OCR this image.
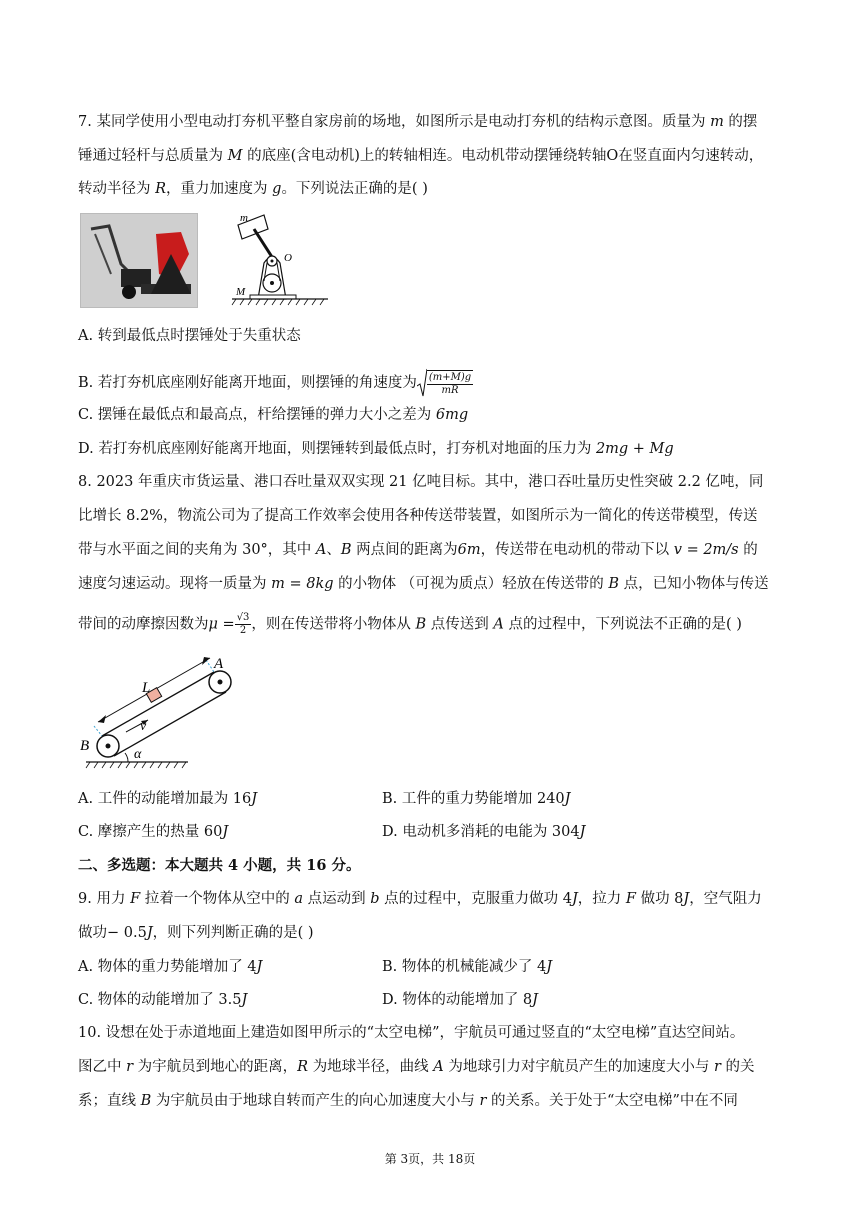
7. 某同学使用小型电动打夯机平整自家房前的场地，如图所示是电动打夯机的结构示意图。质量为 m 的摆
锤通过轻杆与总质量为 M 的底座(含电动机)上的转轴相连。电动机带动摆锤绕转轴O在竖直面内匀速转动，
转动半径为 R，重力加速度为 g。下列说法正确的是( )
m
O
M
A. 转到最低点时摆锤处于失重状态
B. 若打夯机底座刚好能离开地面，则摆锤的角速度为 $\frac{(m+M)g}{mR}$
C. 摆锤在最低点和最高点，杆给摆锤的弹力大小之差为 6mg
D. 若打夯机底座刚好能离开地面，则摆锤转到最低点时，打夯机对地面的压力为 2mg + Mg
8. 2023 年重庆市货运量、港口吞吐量双双实现 21 亿吨目标。其中，港口吞吐量历史性突破 2.2 亿吨，同
比增长 8.2%，物流公司为了提高工作效率会使用各种传送带装置，如图所示为一简化的传送带模型，传送
带与水平面之间的夹角为 30°，其中 A、B 两点间的距离为6m，传送带在电动机的带动下以 v = 2m/s 的
速度匀速运动。现将一质量为 m = 8kg 的小物体 （可视为质点）轻放在传送带的 B 点，已知小物体与传送
带间的动摩擦因数为$\mu = \frac{√3}{2}$ ，则在传送带将小物体从 B 点传送到 A 点的过程中，下列说法不正确的是( )
A
B
L
v
α
A. 工件的动能增加最为 16J	B. 工件的重力势能增加 240J
C. 摩擦产生的热量 60J	D. 电动机多消耗的电能为 304J
二、多选题：本大题共 4 小题，共 16 分。
9. 用力 F 拉着一个物体从空中的 a 点运动到 b 点的过程中，克服重力做功 4J，拉力 F 做功 8J，空气阻力
做功− 0.5J，则下列判断正确的是( )
A. 物体的重力势能增加了 4J	B. 物体的机械能减少了 4J
C. 物体的动能增加了 3.5J	D. 物体的动能增加了 8J
10. 设想在处于赤道地面上建造如图甲所示的“太空电梯”，宇航员可通过竖直的“太空电梯”直达空间站。
图乙中 r 为宇航员到地心的距离，R 为地球半径，曲线 A 为地球引力对宇航员产生的加速度大小与 r 的关
系；直线 B 为宇航员由于地球自转而产生的向心加速度大小与 r 的关系。关于处于“太空电梯”中在不同
第 3页，共 18页
